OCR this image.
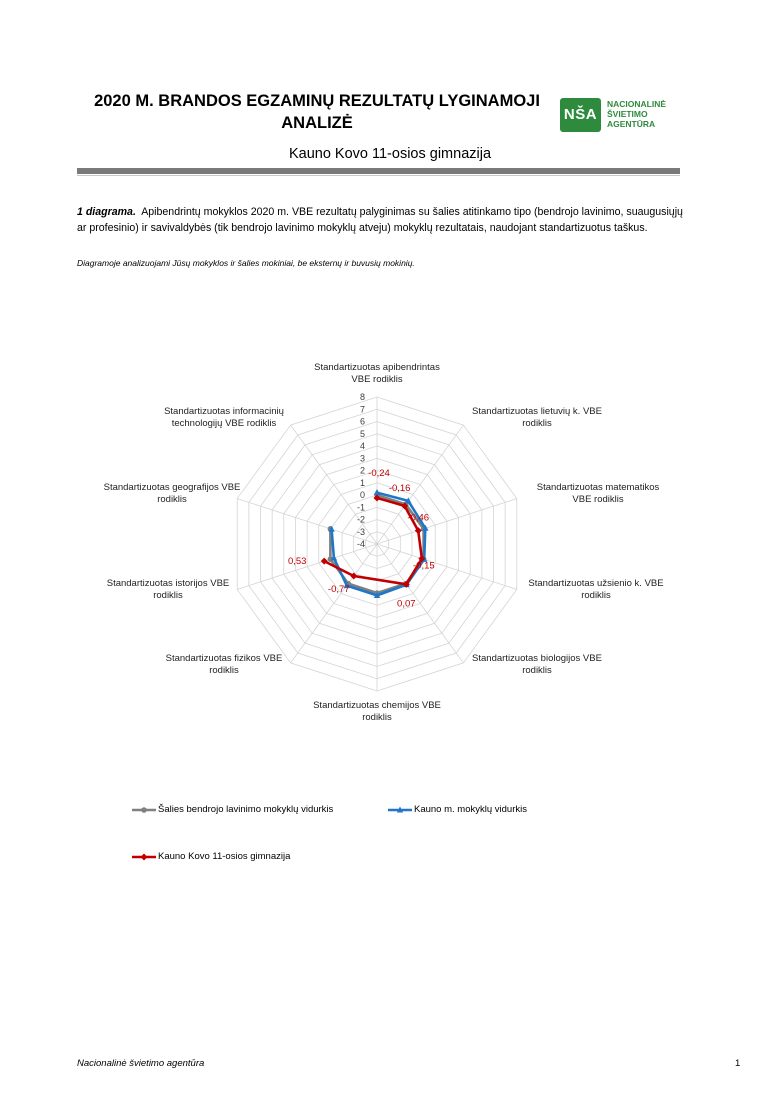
2020 M. BRANDOS EGZAMINŲ REZULTATŲ LYGINAMOJI
ANALIZĖ	NŠA
NACIONALINĖ
ŠVIETIMO
AGENTŪRA
Kauno Kovo 11-osios gimnazija
1 diagrama. Apibendrintų mokyklos 2020 m. VBE rezultatų palyginimas su šalies atitinkamo tipo (bendrojo lavinimo, suaugusiųjų ar profesinio) ir savivaldybės (tik bendrojo lavinimo mokyklų atveju) mokyklų rezultatais, naudojant standartizuotus taškus.
Diagramoje analizuojami Jūsų mokyklos ir šalies mokiniai, be eksternų ir buvusių mokinių.
-4
-3
-2
-1
0
1
2
3
4
5
6
7
8
Standartizuotas apibendrintas VBE rodiklis
Standartizuotas lietuvių k. VBE rodiklis
Standartizuotas matematikos VBE rodiklis
Standartizuotas užsienio k. VBE rodiklis
Standartizuotas biologijos VBE rodiklis
Standartizuotas chemijos VBE rodiklis
Standartizuotas fizikos VBE rodiklis
Standartizuotas istorijos VBE rodiklis
Standartizuotas geografijos VBE rodiklis
Standartizuotas informacinių technologijų VBE rodiklis
-0,24
-0,16
-0,46
-0,15
0,07
-0,77
0,53
Šalies bendrojo lavinimo mokyklų vidurkis	Kauno m. mokyklų vidurkis
Kauno Kovo 11-osios gimnazija
Nacionalinė švietimo agentūra	1
